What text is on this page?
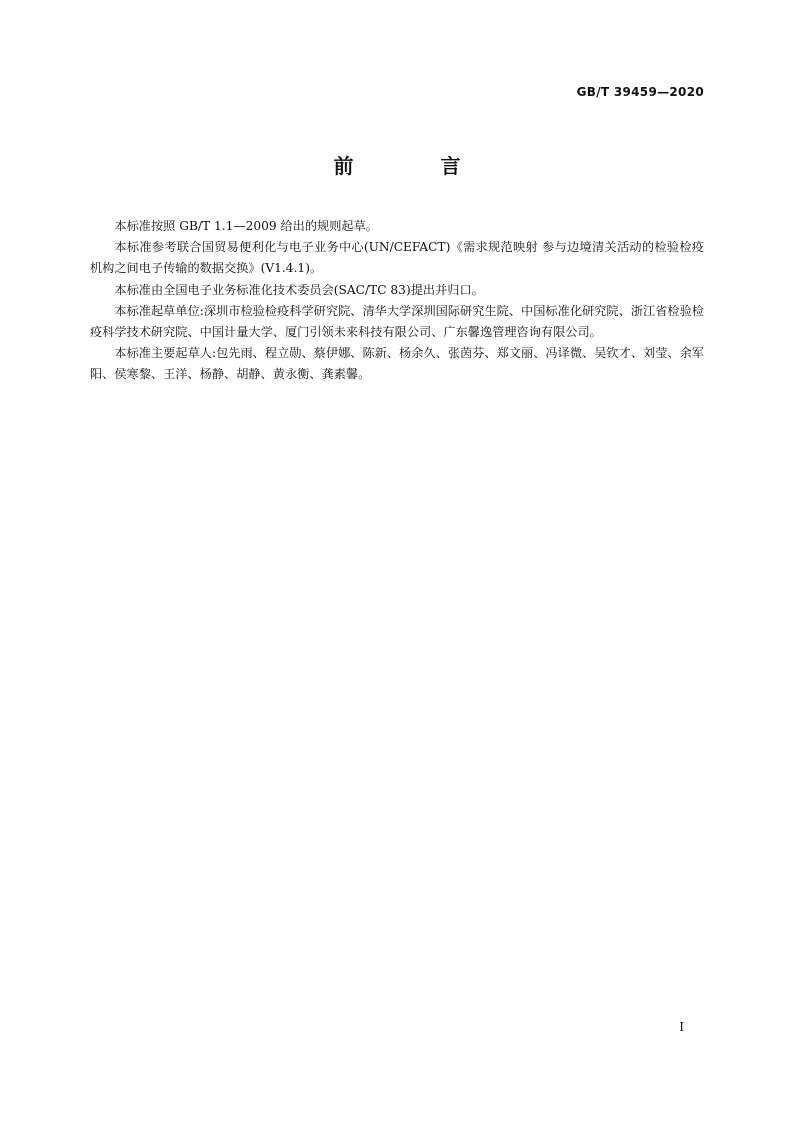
GB/T 39459—2020
前 言

本标准按照 GB/T 1.1—2009 给出的规则起草。

本标准参考联合国贸易便利化与电子业务中心(UN/CEFACT)《需求规范映射 参与边境清关活动的检验检疫机构之间电子传输的数据交换》(V1.4.1)。

本标准由全国电子业务标准化技术委员会(SAC/TC 83)提出并归口。

本标准起草单位:深圳市检验检疫科学研究院、清华大学深圳国际研究生院、中国标准化研究院、浙江省检验检疫科学技术研究院、中国计量大学、厦门引领未来科技有限公司、广东馨逸管理咨询有限公司。

本标准主要起草人:包先雨、程立勋、蔡伊娜、陈新、杨余久、张茵芬、郑文丽、冯译微、吴钦才、刘莹、余军阳、侯寒黎、王洋、杨静、胡静、黄永衡、龚素馨。

I
